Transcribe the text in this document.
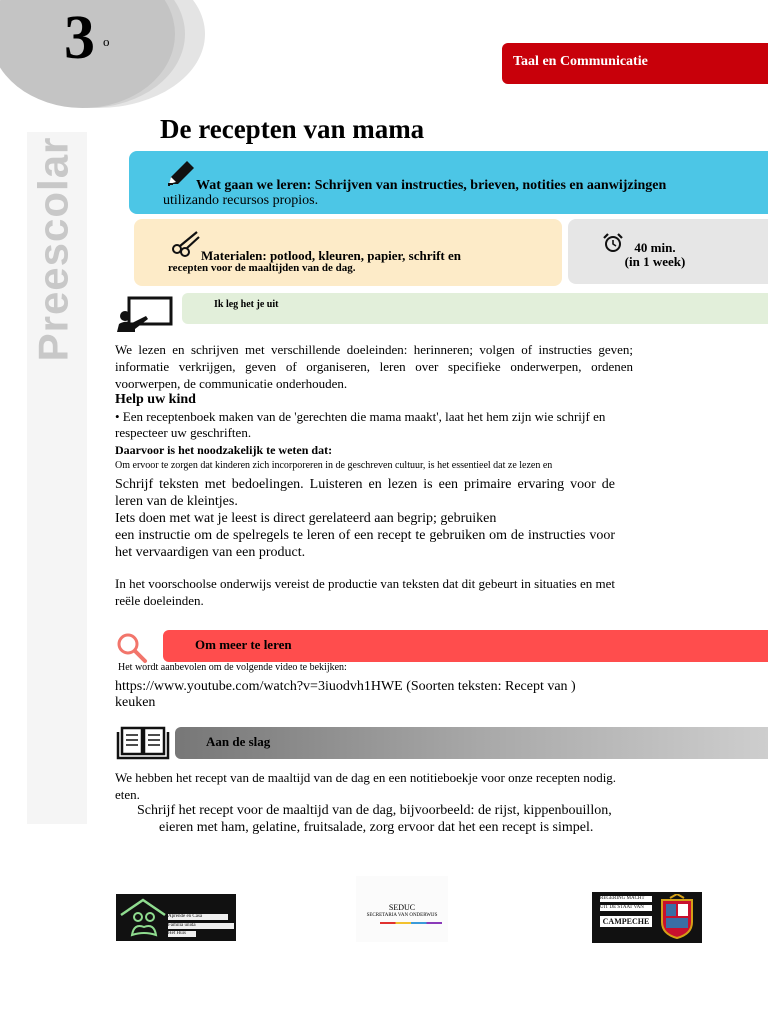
3 o
Taal en Communicatie
Preescolar
De recepten van mama
Wat gaan we leren: Schrijven van instructies, brieven, notities en aanwijzingen
utilizando recursos propios.
Materialen: potlood, kleuren, papier, schrift en
recepten voor de maaltijden van de dag.
40 min.
(in 1 week)
Ik leg het je uit
We lezen en schrijven met verschillende doeleinden: herinneren; volgen of instructies geven; informatie verkrijgen, geven of organiseren, leren over specifieke onderwerpen, ordenen voorwerpen, de communicatie onderhouden.
Help uw kind
• Een receptenboek maken van de 'gerechten die mama maakt', laat het hem zijn wie schrijf en respecteer uw geschriften.
Daarvoor is het noodzakelijk te weten dat:
Om ervoor te zorgen dat kinderen zich incorporeren in de geschreven cultuur, is het essentieel dat ze lezen en
Schrijf teksten met bedoelingen. Luisteren en lezen is een primaire ervaring voor de leren van de kleintjes.
Iets doen met wat je leest is direct gerelateerd aan begrip; gebruiken
een instructie om de spelregels te leren of een recept te gebruiken om de instructies voor het vervaardigen van een product.
In het voorschoolse onderwijs vereist de productie van teksten dat dit gebeurt in situaties en met reële doeleinden.
Om meer te leren
Het wordt aanbevolen om de volgende video te bekijken:
https://www.youtube.com/watch?v=3iuodvh1HWE (Soorten teksten: Recept van ) keuken
Aan de slag
We hebben het recept van de maaltijd van de dag en een notitieboekje voor onze recepten nodig. eten.
Schrijf het recept voor de maaltijd van de dag, bijvoorbeeld: de rijst, kippenbouillon,
eieren met ham, gelatine, fruitsalade, zorg ervoor dat het een recept is simpel.
Aprende en Casa
Familia unida
Het Huis
SEDUC
SECRETARIA VAN ONDERWIJS
REGERING MACHT
UIT DE STAAT VAN
CAMPECHE
